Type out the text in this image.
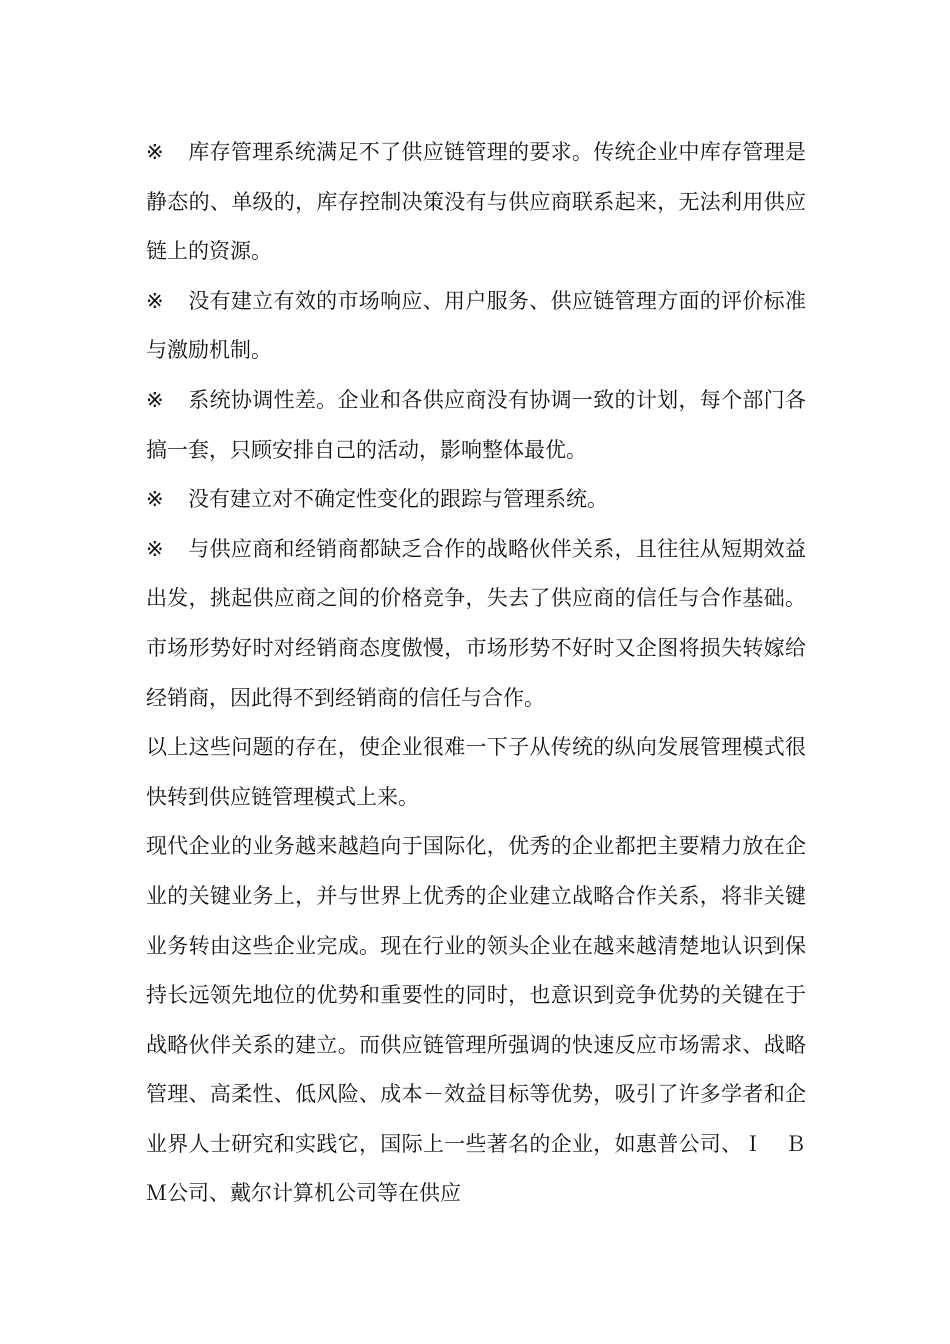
※ 库存管理系统满足不了供应链管理的要求。传统企业中库存管理是静态的、单级的，库存控制决策没有与供应商联系起来，无法利用供应链上的资源。

※ 没有建立有效的市场响应、用户服务、供应链管理方面的评价标准与激励机制。

※ 系统协调性差。企业和各供应商没有协调一致的计划，每个部门各搞一套，只顾安排自己的活动，影响整体最优。

※ 没有建立对不确定性变化的跟踪与管理系统。

※ 与供应商和经销商都缺乏合作的战略伙伴关系，且往往从短期效益出发，挑起供应商之间的价格竞争，失去了供应商的信任与合作基础。市场形势好时对经销商态度傲慢，市场形势不好时又企图将损失转嫁给经销商，因此得不到经销商的信任与合作。

以上这些问题的存在，使企业很难一下子从传统的纵向发展管理模式很快转到供应链管理模式上来。

现代企业的业务越来越趋向于国际化，优秀的企业都把主要精力放在企业的关键业务上，并与世界上优秀的企业建立战略合作关系，将非关键业务转由这些企业完成。现在行业的领头企业在越来越清楚地认识到保持长远领先地位的优势和重要性的同时，也意识到竞争优势的关键在于战略伙伴关系的建立。而供应链管理所强调的快速反应市场需求、战略管理、高柔性、低风险、成本－效益目标等优势，吸引了许多学者和企业界人士研究和实践它，国际上一些著名的企业，如惠普公司、Ｉ　Ｂ　Ｍ公司、戴尔计算机公司等在供应
